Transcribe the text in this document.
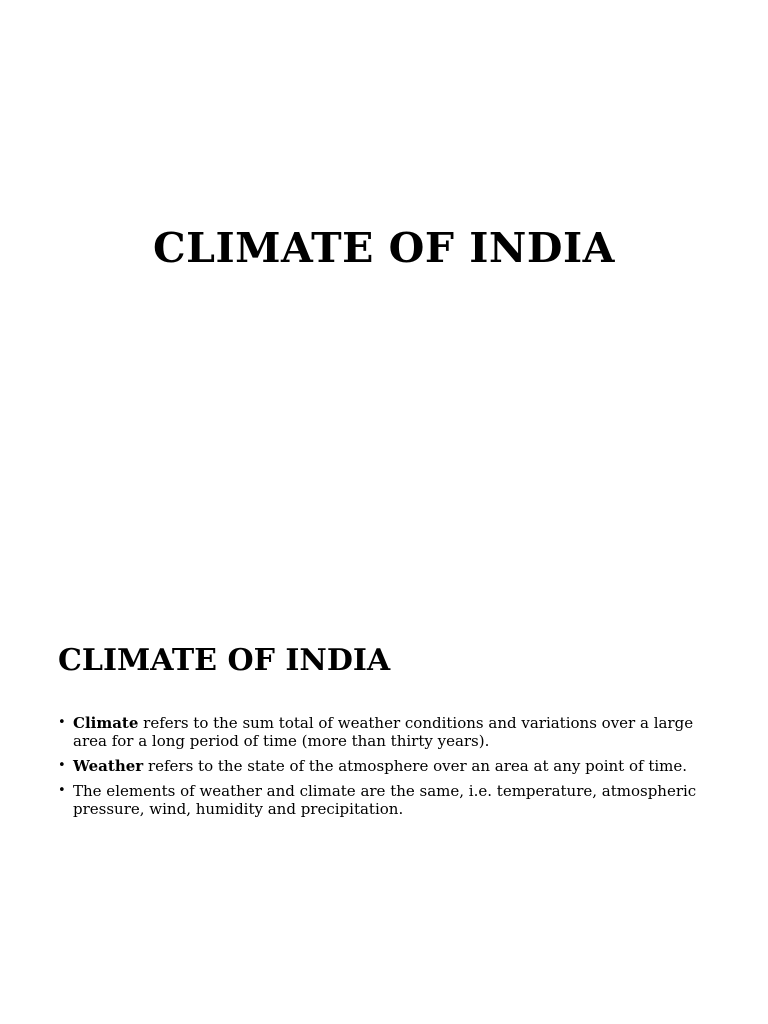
CLIMATE OF INDIA
CLIMATE OF INDIA
• Climate refers to the sum total of weather conditions and variations over a large area for a long period of time (more than thirty years).
• Weather refers to the state of the atmosphere over an area at any point of time.
• The elements of weather and climate are the same, i.e. temperature, atmospheric pressure, wind, humidity and precipitation.
